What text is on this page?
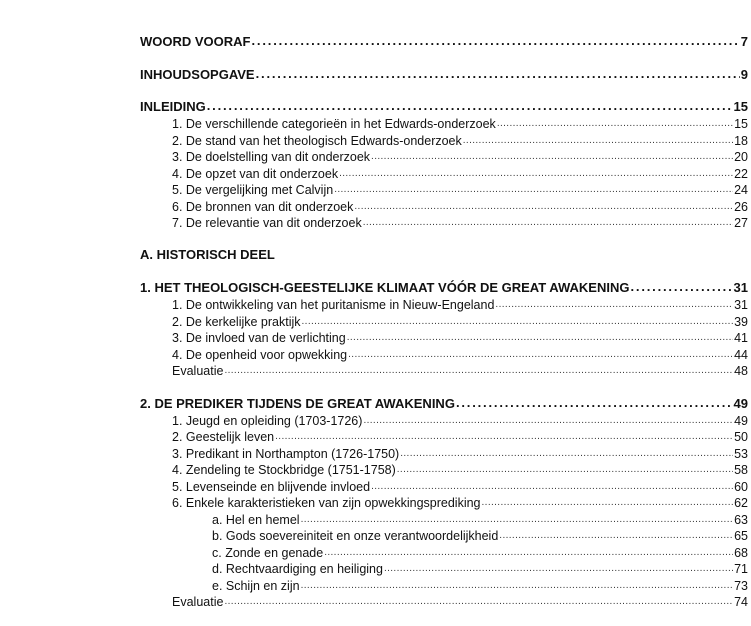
WOORD VOORAF . . .	7
INHOUDSOPGAVE . . .	9
INLEIDING . . .	15
1. De verschillende categorieën in het Edwards-onderzoek . . .	15
2. De stand van het theologisch Edwards-onderzoek . . .	18
3. De doelstelling van dit onderzoek . . .	20
4. De opzet van dit onderzoek . . .	22
5. De vergelijking met Calvijn . . .	24
6. De bronnen van dit onderzoek . . .	26
7. De relevantie van dit onderzoek . . .	27
A. HISTORISCH DEEL
1. HET THEOLOGISCH-GEESTELIJKE KLIMAAT VÓÓR DE GREAT AWAKENING . . .	31
1. De ontwikkeling van het puritanisme in Nieuw-Engeland . . .	31
2. De kerkelijke praktijk . . .	39
3. De invloed van de verlichting . . .	41
4. De openheid voor opwekking . . .	44
Evaluatie . . .	48
2. DE PREDIKER TIJDENS DE GREAT AWAKENING . . .	49
1. Jeugd en opleiding (1703-1726) . . .	49
2. Geestelijk leven . . .	50
3. Predikant in Northampton (1726-1750) . . .	53
4. Zendeling te Stockbridge (1751-1758) . . .	58
5. Levenseinde en blijvende invloed . . .	60
6. Enkele karakteristieken van zijn opwekkingsprediking . . .	62
a. Hel en hemel . . .	63
b. Gods soevereiniteit en onze verantwoordelijkheid . . .	65
c. Zonde en genade . . .	68
d. Rechtvaardiging en heiliging . . .	71
e. Schijn en zijn . . .	73
Evaluatie . . .	74
